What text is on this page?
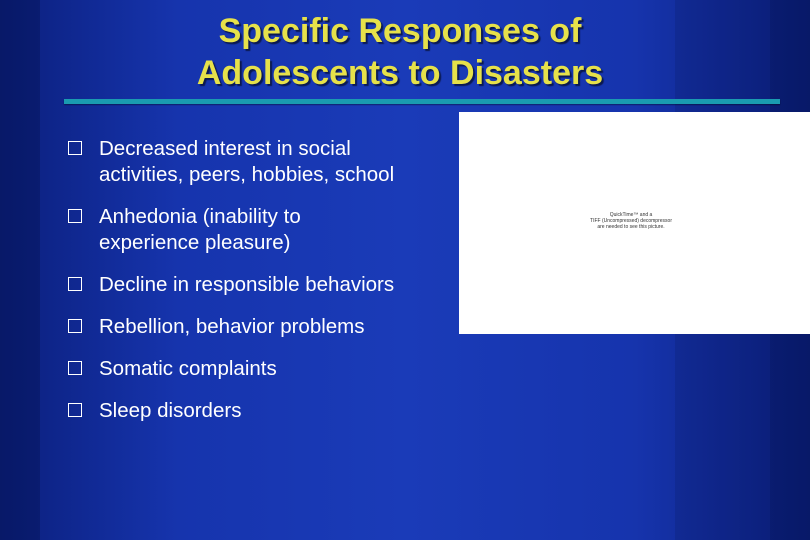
Specific Responses of
Adolescents to Disasters
Decreased interest in social
activities, peers, hobbies, school
Anhedonia (inability to
experience pleasure)
Decline in responsible behaviors
Rebellion, behavior problems
Somatic complaints
Sleep disorders
QuickTime™ and a
TIFF (Uncompressed) decompressor
are needed to see this picture.
